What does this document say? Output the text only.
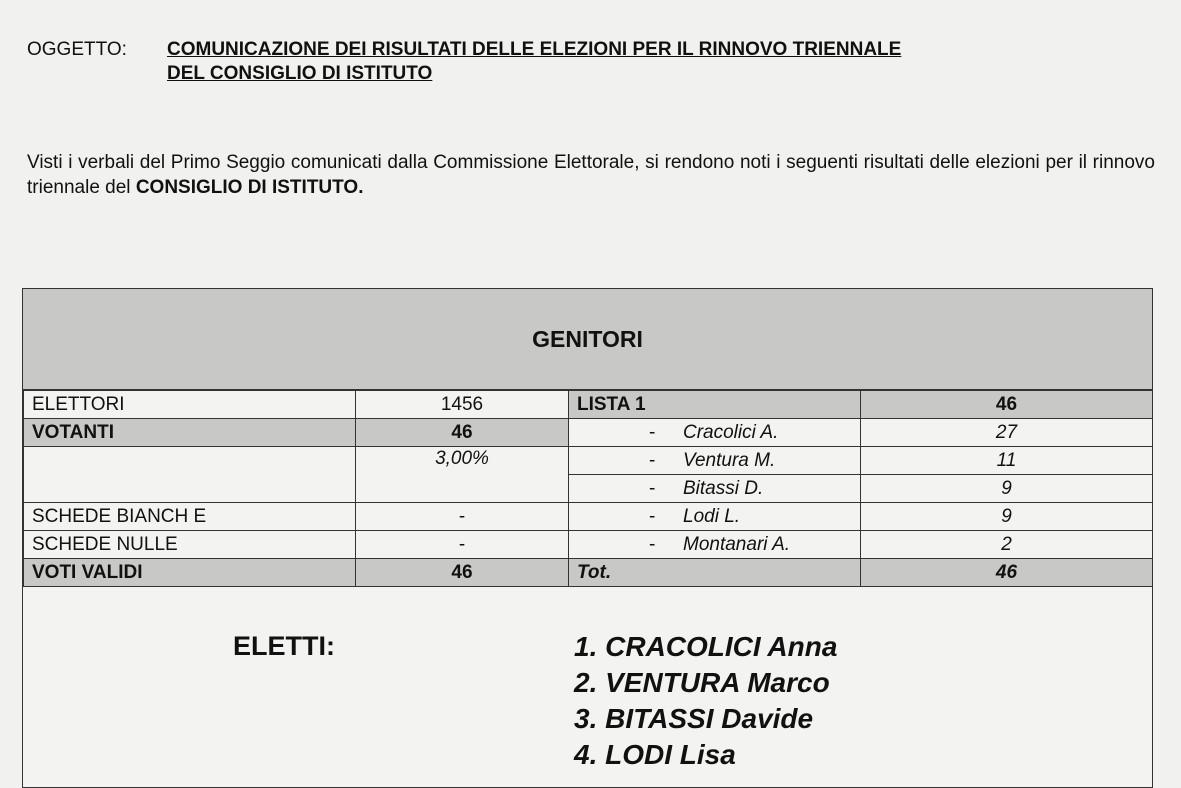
OGGETTO: COMUNICAZIONE DEI RISULTATI DELLE ELEZIONI PER IL RINNOVO TRIENNALE
DEL CONSIGLIO DI ISTITUTO
Visti i verbali del Primo Seggio comunicati dalla Commissione Elettorale, si rendono noti i seguenti risultati delle elezioni per il rinnovo triennale del CONSIGLIO DI ISTITUTO.
GENITORI
ELETTORI	1456	LISTA 1	46
VOTANTI	46	- Cracolici A.	27
	3,00%	- Ventura M.	11

		- Bitassi D.	9
SCHEDE BIANCH E	-	- Lodi L.	9
SCHEDE NULLE	-	- Montanari A.	2
VOTI VALIDI	46	Tot.	46
ELETTI:	1. CRACOLICI Anna
2. VENTURA Marco
3. BITASSI Davide
4. LODI Lisa
